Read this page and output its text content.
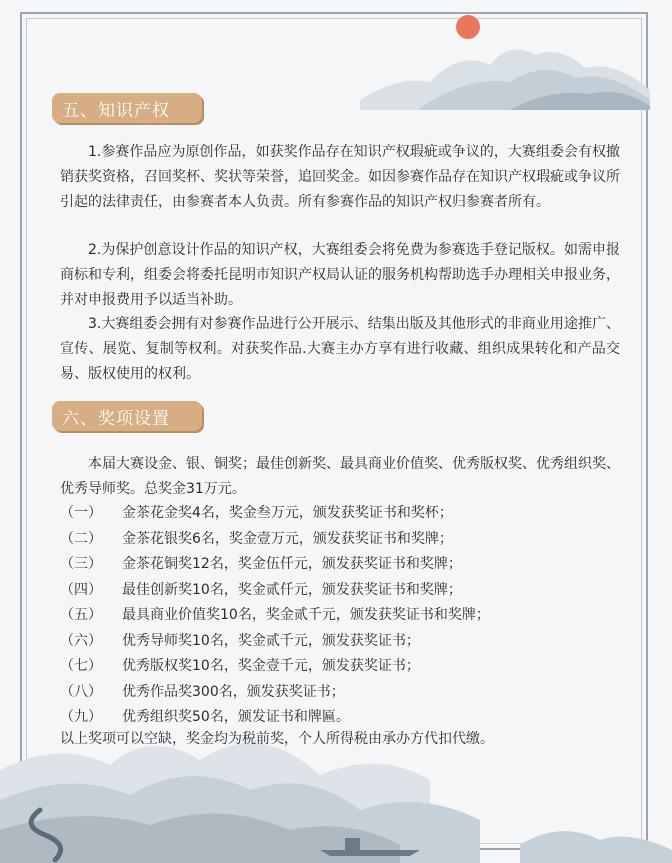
五、知识产权

1.参赛作品应为原创作品，如获奖作品存在知识产权瑕疵或争议的，大赛组委会有权撤销获奖资格，召回奖杯、奖状等荣誉，追回奖金。如因参赛作品存在知识产权瑕疵或争议所引起的法律责任，由参赛者本人负责。所有参赛作品的知识产权归参赛者所有。

2.为保护创意设计作品的知识产权，大赛组委会将免费为参赛选手登记版权。如需申报商标和专利，组委会将委托昆明市知识产权局认证的服务机构帮助选手办理相关申报业务，并对申报费用予以适当补助。

3.大赛组委会拥有对参赛作品进行公开展示、结集出版及其他形式的非商业用途推广、宣传、展览、复制等权利。对获奖作品.大赛主办方享有进行收藏、组织成果转化和产品交易、版权使用的权利。

六、奖项设置

本届大赛设金、银、铜奖；最佳创新奖、最具商业价值奖、优秀版权奖、优秀组织奖、优秀导师奖。总奖金31万元。

（一）	金茶花金奖4名，奖金叁万元，颁发获奖证书和奖杯；
（二）	金茶花银奖6名，奖金壹万元，颁发获奖证书和奖牌；
（三）	金茶花铜奖12名，奖金伍仟元，颁发获奖证书和奖牌；
（四）	最佳创新奖10名，奖金贰仟元，颁发获奖证书和奖牌；
（五）	最具商业价值奖10名，奖金贰千元，颁发获奖证书和奖牌；
（六）	优秀导师奖10名，奖金贰千元，颁发获奖证书；
（七）	优秀版权奖10名，奖金壹千元，颁发获奖证书；
（八）	优秀作品奖300名，颁发获奖证书；
（九）	优秀组织奖50名，颁发证书和牌匾。
以上奖项可以空缺，奖金均为税前奖，个人所得税由承办方代扣代缴。
